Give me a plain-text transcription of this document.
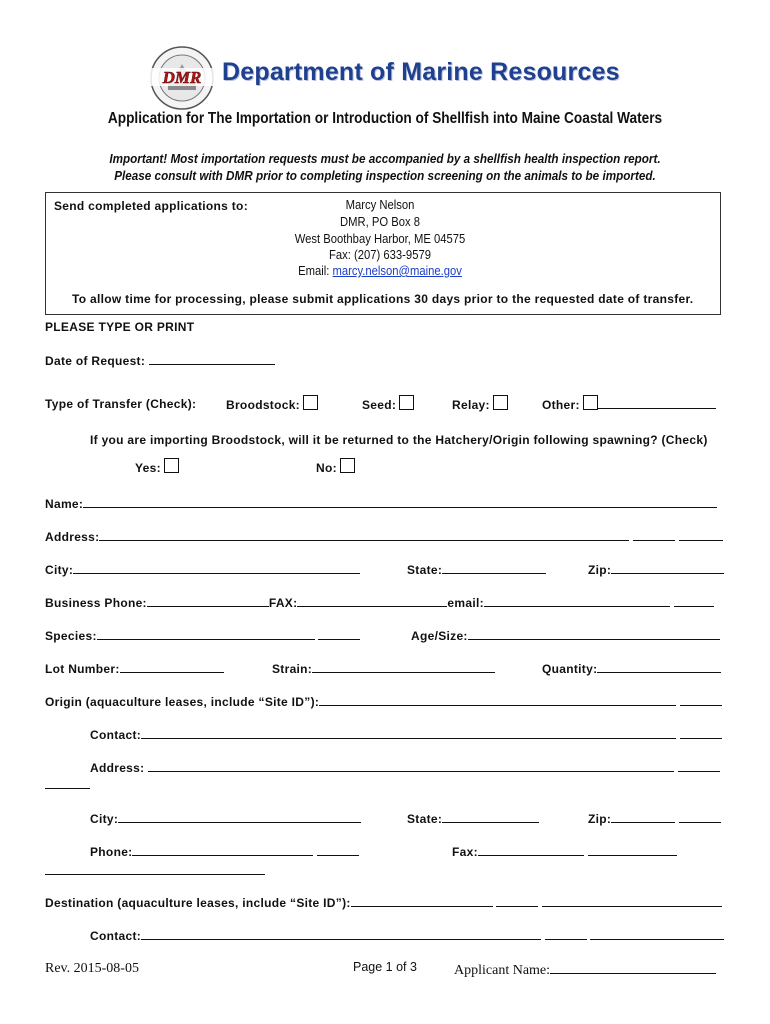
DMR Department of Marine Resources
Application for The Importation or Introduction of Shellfish into Maine Coastal Waters
Important! Most importation requests must be accompanied by a shellfish health inspection report.
Please consult with DMR prior to completing inspection screening on the animals to be imported.
Send completed applications to:	Marcy Nelson
DMR, PO Box 8
West Boothbay Harbor, ME 04575
Fax: (207) 633-9579
Email: marcy.nelson@maine.gov
To allow time for processing, please submit applications 30 days prior to the requested date of transfer.
PLEASE TYPE OR PRINT
Date of Request:
Type of Transfer (Check): Broodstock:	Seed:	Relay:	Other:
If you are importing Broodstock, will it be returned to the Hatchery/Origin following spawning? (Check)
Yes:	No:
Name:
Address:
City:	State:	Zip:
Business Phone:	FAX:	email:
Species:	Age/Size:
Lot Number:	Strain:	Quantity:
Origin (aquaculture leases, include “Site ID”):
Contact:
Address:
City:	State:	Zip:
Phone:	Fax:
Destination (aquaculture leases, include “Site ID”):
Contact:
Rev. 2015-08-05	Page 1 of 3	Applicant Name:
